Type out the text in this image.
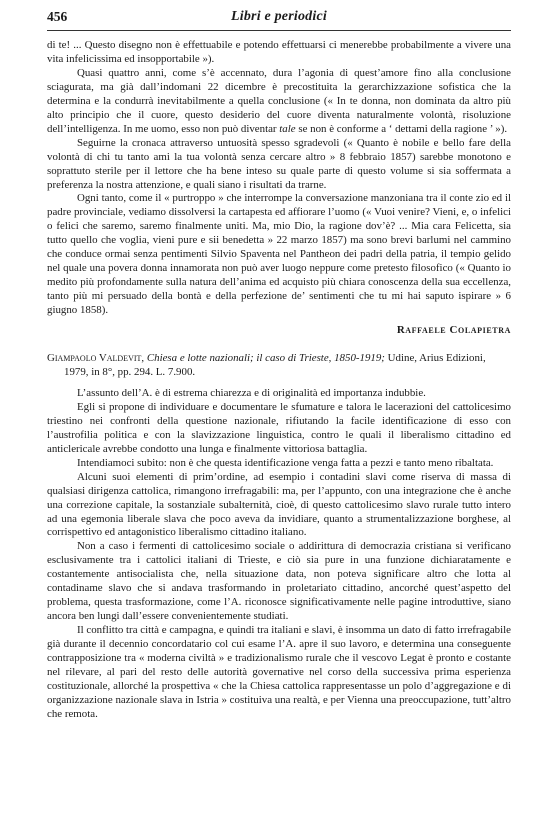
456	Libri e periodici

di te! ... Questo disegno non è effettuabile e potendo effettuarsi ci menerebbe probabilmente a vivere una vita infelicissima ed insopportabile »).

Quasi quattro anni, come s’è accennato, dura l’agonia di quest’amore fino alla conclusione sciagurata, ma già dall’indomani 22 dicembre è precostituita la gerarchizzazione sofistica che la determina e la condurrà inevitabilmente a quella conclusione (« In te donna, non dominata da altro più alto principio che il cuore, questo desiderio del cuore diventa naturalmente volontà, risoluzione dell’intelligenza. In me uomo, esso non può diventar tale se non è conforme a ‘ dettami della ragione ’ »).

Seguirne la cronaca attraverso untuosità spesso sgradevoli (« Quanto è nobile e bello fare della volontà di chi tu tanto ami la tua volontà senza cercare altro » 8 febbraio 1857) sarebbe monotono e soprattuto sterile per il lettore che ha bene inteso su quale parte di questo volume si sia soffermata a preferenza la nostra attenzione, e quali siano i risultati da trarne.

Ogni tanto, come il « purtroppo » che interrompe la conversazione manzoniana tra il conte zio ed il padre provinciale, vediamo dissolversi la cartapesta ed affiorare l’uomo (« Vuoi venire? Vieni, e, o infelici o felici che saremo, saremo finalmente uniti. Ma, mio Dio, la ragione dov’è? ... Mia cara Felicetta, sia tutto quello che voglia, vieni pure e sii benedetta » 22 marzo 1857) ma sono brevi barlumi nel cammino che conduce ormai senza pentimenti Silvio Spaventa nel Pantheon dei padri della patria, il tempio gelido nel quale una povera donna innamorata non può aver luogo neppure come pretesto filosofico (« Quanto io medito più profondamente sulla natura dell’anima ed acquisto più chiara conoscenza della sua eccellenza, tanto più mi persuado della bontà e della perfezione de’ sentimenti che tu mi hai saputo ispirare » 6 giugno 1858).

Raffaele Colapietra

Giampaolo Valdevit, Chiesa e lotte nazionali; il caso di Trieste, 1850-1919; Udine, Arius Edizioni, 1979, in 8°, pp. 294. L. 7.900.

L’assunto dell’A. è di estrema chiarezza e di originalità ed importanza indubbie.

Egli si propone di individuare e documentare le sfumature e talora le lacerazioni del cattolicesimo triestino nei confronti della questione nazionale, rifiutando la facile identificazione di esso con l’austrofilia politica e con la slavizzazione linguistica, contro le quali il liberalismo cittadino ed anticlericale avrebbe condotto una lunga e finalmente vittoriosa battaglia.

Intendiamoci subito: non è che questa identificazione venga fatta a pezzi e tanto meno ribaltata.

Alcuni suoi elementi di prim’ordine, ad esempio i contadini slavi come riserva di massa di qualsiasi dirigenza cattolica, rimangono irrefragabili: ma, per l’appunto, con una integrazione che è anche una correzione capitale, la sostanziale subalternità, cioè, di questo cattolicesimo slavo rurale tutto intero ad una egemonia liberale slava che poco aveva da invidiare, quanto a strumentalizzazione borghese, al corrispettivo ed antagonistico liberalismo cittadino italiano.

Non a caso i fermenti di cattolicesimo sociale o addirittura di democrazia cristiana si verificano esclusivamente tra i cattolici italiani di Trieste, e ciò sia pure in una funzione dichiaratamente e costantemente antisocialista che, nella situazione data, non poteva significare altro che lotta al contadiname slavo che si andava trasformando in proletariato cittadino, ancorché quest’aspetto del problema, questa trasformazione, come l’A. riconosce significativamente nelle pagine introduttive, siano ancora ben lungi dall’essere convenientemente studiati.

Il conflitto tra città e campagna, e quindi tra italiani e slavi, è insomma un dato di fatto irrefragabile già durante il decennio concordatario col cui esame l’A. apre il suo lavoro, e determina una conseguente contrapposizione tra « moderna civiltà » e tradizionalismo rurale che il vescovo Legat è pronto e costante nel rilevare, al pari del resto delle autorità governative nel corso della successiva prima esperienza costituzionale, allorché la prospettiva « che la Chiesa cattolica rappresentasse un polo d’aggregazione e di organizzazione nazionale slava in Istria » costituiva una realtà, e per Vienna una preoccupazione, tutt’altro che remota.
